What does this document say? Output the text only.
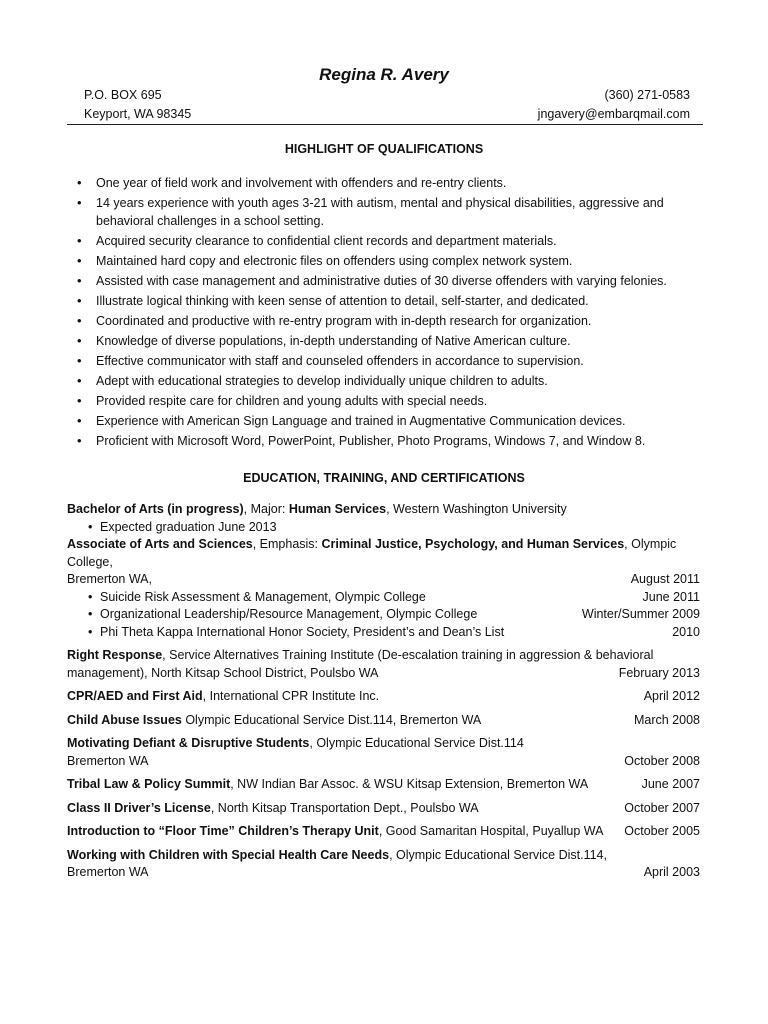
Regina R. Avery
P.O. BOX 695	(360) 271-0583
Keyport, WA 98345	jngavery@embarqmail.com
HIGHLIGHT OF QUALIFICATIONS
• One year of field work and involvement with offenders and re-entry clients.
• 14 years experience with youth ages 3-21 with autism, mental and physical disabilities, aggressive and behavioral challenges in a school setting.
• Acquired security clearance to confidential client records and department materials.
• Maintained hard copy and electronic files on offenders using complex network system.
• Assisted with case management and administrative duties of 30 diverse offenders with varying felonies.
• Illustrate logical thinking with keen sense of attention to detail, self-starter, and dedicated.
• Coordinated and productive with re-entry program with in-depth research for organization.
• Knowledge of diverse populations, in-depth understanding of Native American culture.
• Effective communicator with staff and counseled offenders in accordance to supervision.
• Adept with educational strategies to develop individually unique children to adults.
• Provided respite care for children and young adults with special needs.
• Experience with American Sign Language and trained in Augmentative Communication devices.
• Proficient with Microsoft Word, PowerPoint, Publisher, Photo Programs, Windows 7, and Window 8.
EDUCATION, TRAINING, AND CERTIFICATIONS
Bachelor of Arts (in progress), Major: Human Services, Western Washington University
• Expected graduation June 2013
Associate of Arts and Sciences, Emphasis: Criminal Justice, Psychology, and Human Services, Olympic College,
Bremerton WA,	August 2011
• Suicide Risk Assessment & Management, Olympic College	June 2011
• Organizational Leadership/Resource Management, Olympic College	Winter/Summer 2009
• Phi Theta Kappa International Honor Society, President’s and Dean’s List	2010
Right Response, Service Alternatives Training Institute (De-escalation training in aggression & behavioral
management), North Kitsap School District, Poulsbo WA	February 2013
CPR/AED and First Aid, International CPR Institute Inc.	April 2012
Child Abuse Issues Olympic Educational Service Dist.114, Bremerton WA	March 2008
Motivating Defiant & Disruptive Students, Olympic Educational Service Dist.114
Bremerton WA	October 2008
Tribal Law & Policy Summit, NW Indian Bar Assoc. & WSU Kitsap Extension, Bremerton WA	June 2007
Class II Driver’s License, North Kitsap Transportation Dept., Poulsbo WA	October 2007
Introduction to “Floor Time” Children’s Therapy Unit, Good Samaritan Hospital, Puyallup WA October 2005
Working with Children with Special Health Care Needs, Olympic Educational Service Dist.114,
Bremerton WA	April 2003
